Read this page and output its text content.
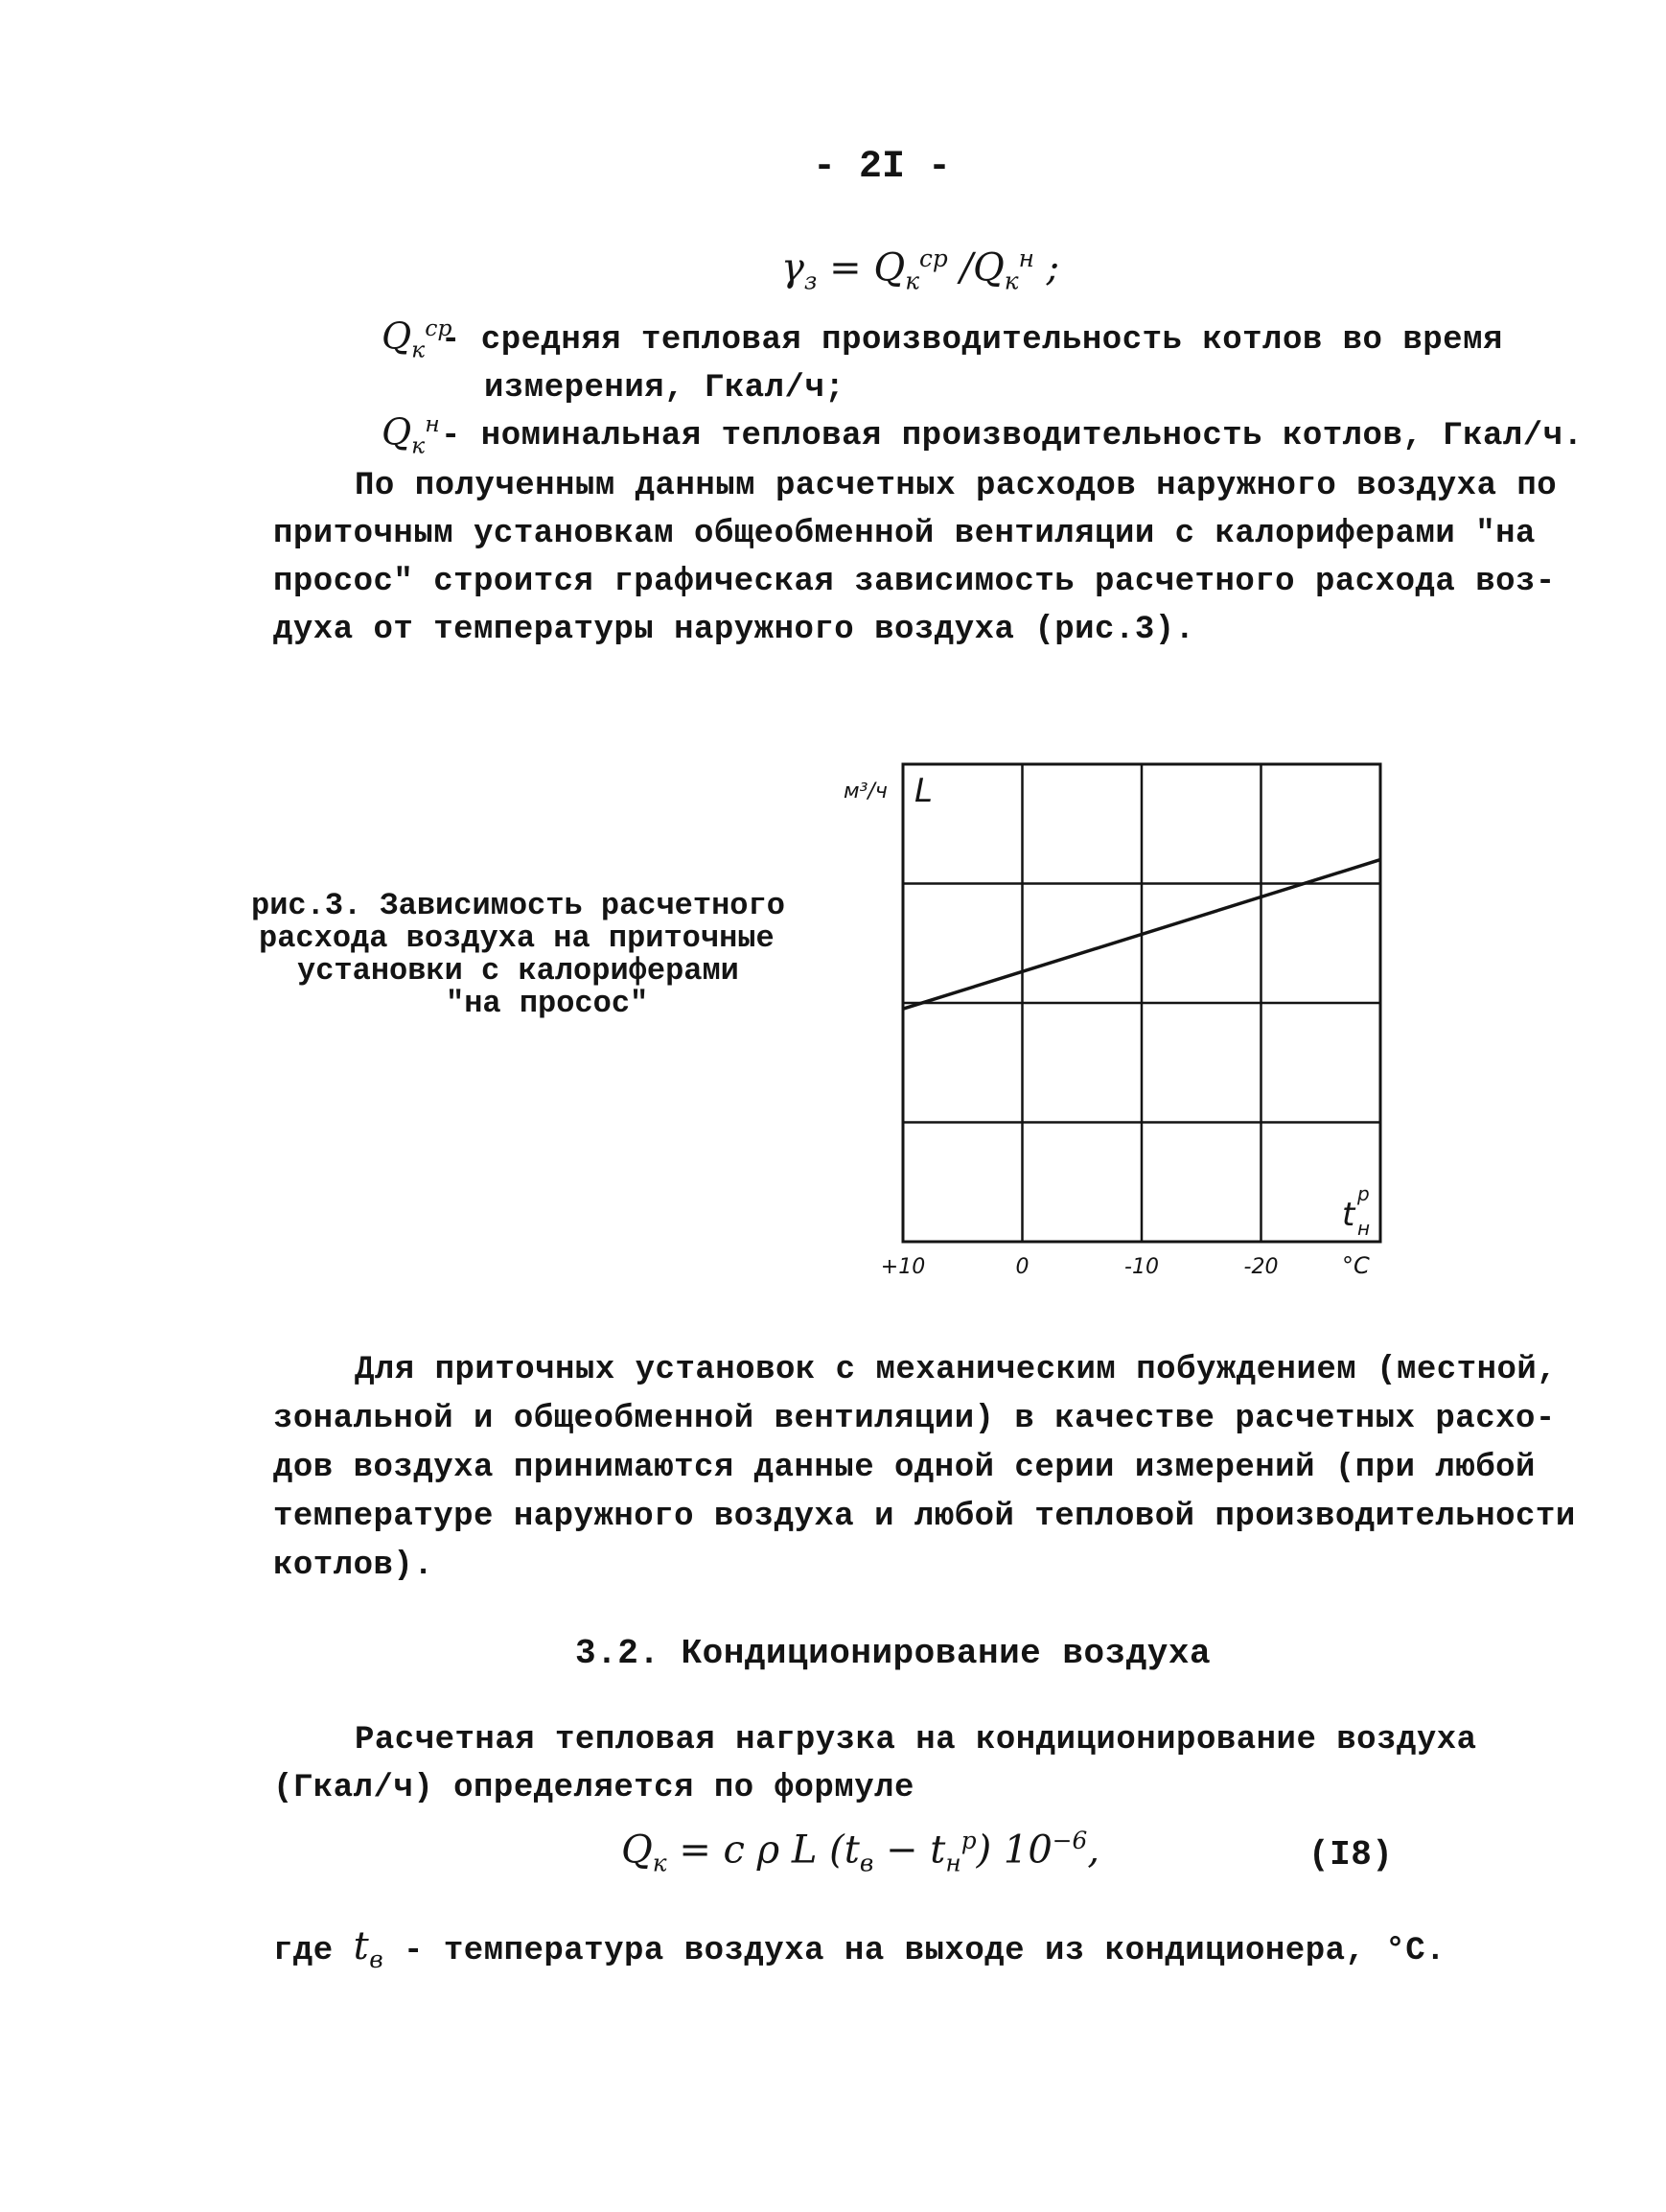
- 2I -
$\gamma_з = Q_к^{ср}$ $/Q_к^н$ ;
$Q_к^{ср}$
- средняя тепловая производительность котлов во время
измерения, Гкал/ч;
$Q_к^н$ - номинальная тепловая производительность котлов, Гкал/ч.
По полученным данным расчетных расходов наружного воздуха по
приточным установкам общеобменной вентиляции с калориферами "на
просос" строится графическая зависимость расчетного расхода воз-
духа от температуры наружного воздуха (рис.3).
рис.3. Зависимость расчетного
расхода воздуха на приточные
установки с калориферами
"на просос"
+10	0	-10	-20
м³/ч L
t
р
н
°С
Для приточных установок с механическим побуждением (местной,
зональной и общеобменной вентиляции) в качестве расчетных расхо-
дов воздуха принимаются данные одной серии измерений (при любой
температуре наружного воздуха и любой тепловой производительности
котлов).
3.2. Кондиционирование воздуха
Расчетная тепловая нагрузка на кондиционирование воздуха
(Гкал/ч) определяется по формуле
$Q_к = c$ ρ L $(t_в - t_н^р)$ $10^{-6}$,	(I8)
где $t_в$ - температура воздуха на выходе из кондиционера, °С.
